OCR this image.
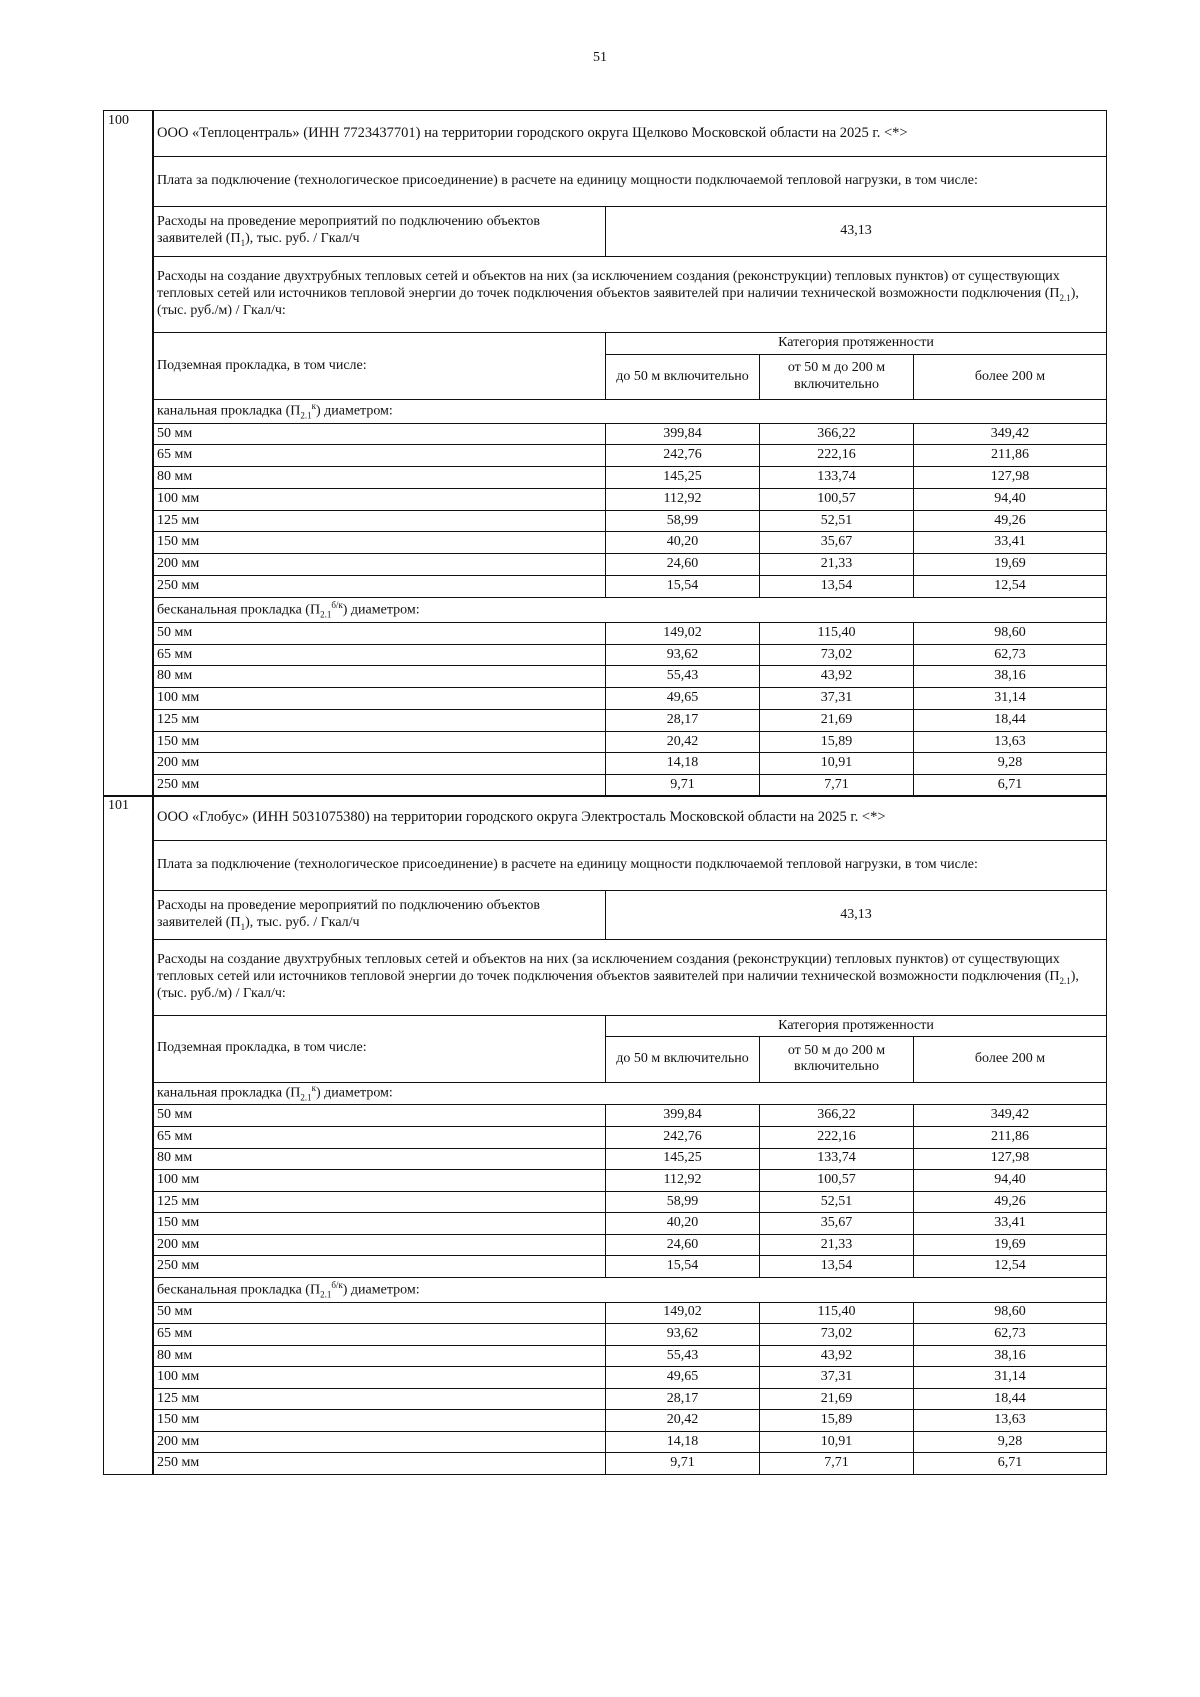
51
100
ООО «Теплоцентраль» (ИНН 7723437701) на территории городского округа Щелково Московской области на 2025 г. <*>			
Плата за подключение (технологическое присоединение) в расчете на единицу мощности подключаемой тепловой нагрузки, в том числе:			
Расходы на проведение мероприятий по подключению объектов заявителей $(П_1)$, тыс. руб. / Гкал/ч	43,13		
Расходы на создание двухтрубных тепловых сетей и объектов на них (за исключением создания (реконструкции) тепловых пунктов) от существующих тепловых сетей или источников тепловой энергии до точек подключения объектов заявителей при наличии технической возможности подключения $(П_{2.1})$, (тыс. руб./м) / Гкал/ч:			
Подземная прокладка, в том числе:	Категория протяженности		
	до 50 м включительно	от 50 м до 200 м включительно	более 200 м
канальная прокладка $(П_{2.1}^к)$ диаметром:			
50 мм	399,84	366,22	349,42
65 мм	242,76	222,16	211,86
80 мм	145,25	133,74	127,98
100 мм	112,92	100,57	94,40
125 мм	58,99	52,51	49,26
150 мм	40,20	35,67	33,41
200 мм	24,60	21,33	19,69
250 мм	15,54	13,54	12,54
бесканальная прокладка $(П_{2.1}^{б/к})$ диаметром:			
50 мм	149,02	115,40	98,60
65 мм	93,62	73,02	62,73
80 мм	55,43	43,92	38,16
100 мм	49,65	37,31	31,14
125 мм	28,17	21,69	18,44
150 мм	20,42	15,89	13,63
200 мм	14,18	10,91	9,28
250 мм	9,71	7,71	6,71
101
ООО «Глобус» (ИНН 5031075380) на территории городского округа Электросталь Московской области на 2025 г. <*>			
Плата за подключение (технологическое присоединение) в расчете на единицу мощности подключаемой тепловой нагрузки, в том числе:			
Расходы на проведение мероприятий по подключению объектов заявителей $(П_1)$, тыс. руб. / Гкал/ч	43,13		
Расходы на создание двухтрубных тепловых сетей и объектов на них (за исключением создания (реконструкции) тепловых пунктов) от существующих тепловых сетей или источников тепловой энергии до точек подключения объектов заявителей при наличии технической возможности подключения $(П_{2.1})$, (тыс. руб./м) / Гкал/ч:			
Подземная прокладка, в том числе:	Категория протяженности		
	до 50 м включительно	от 50 м до 200 м включительно	более 200 м
канальная прокладка $(П_{2.1}^к)$ диаметром:			
50 мм	399,84	366,22	349,42
65 мм	242,76	222,16	211,86
80 мм	145,25	133,74	127,98
100 мм	112,92	100,57	94,40
125 мм	58,99	52,51	49,26
150 мм	40,20	35,67	33,41
200 мм	24,60	21,33	19,69
250 мм	15,54	13,54	12,54
бесканальная прокладка $(П_{2.1}^{б/к})$ диаметром:			
50 мм	149,02	115,40	98,60
65 мм	93,62	73,02	62,73
80 мм	55,43	43,92	38,16
100 мм	49,65	37,31	31,14
125 мм	28,17	21,69	18,44
150 мм	20,42	15,89	13,63
200 мм	14,18	10,91	9,28
250 мм	9,71	7,71	6,71
